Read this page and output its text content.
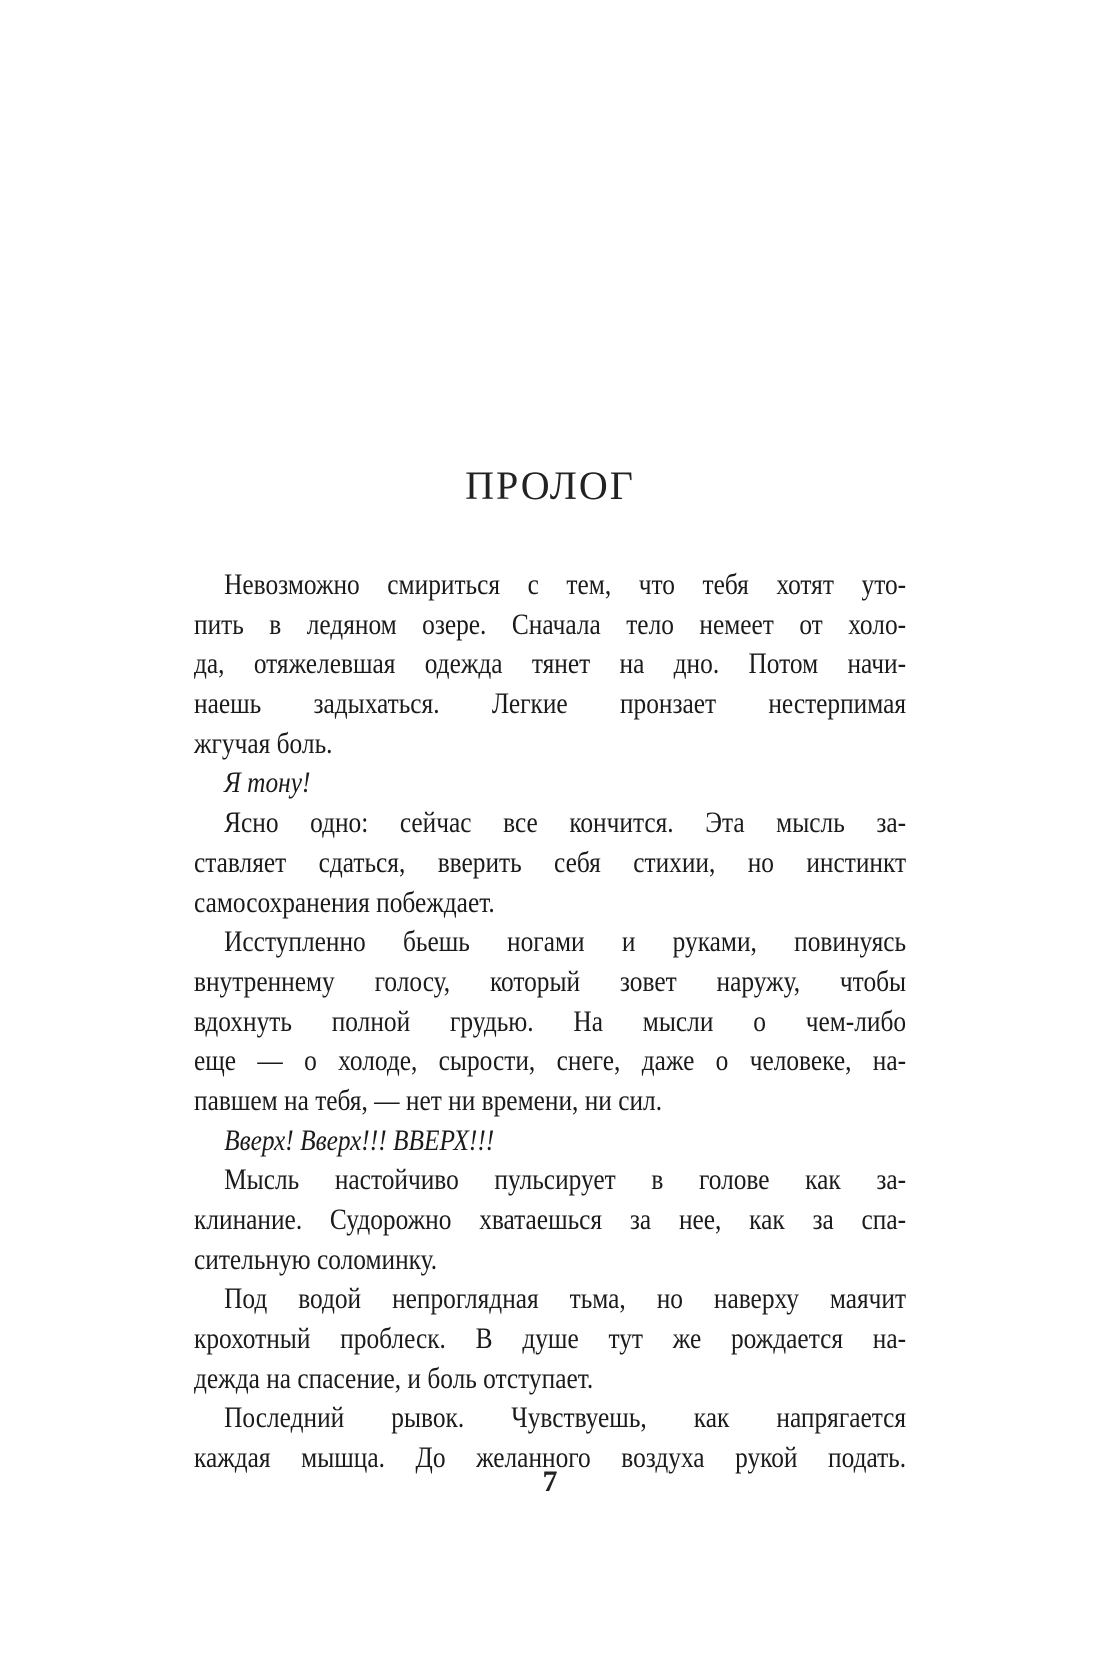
ПРОЛОГ
Невозможно смириться с тем, что тебя хотят уто-
пить в ледяном озере. Сначала тело немеет от холо-
да, отяжелевшая одежда тянет на дно. Потом начи-
наешь задыхаться. Легкие пронзает нестерпимая
жгучая боль.
Я тону!
Ясно одно: сейчас все кончится. Эта мысль за-
ставляет сдаться, вверить себя стихии, но инстинкт
самосохранения побеждает.
Исступленно бьешь ногами и руками, повинуясь
внутреннему голосу, который зовет наружу, чтобы
вдохнуть полной грудью. На мысли о чем-либо
еще — о холоде, сырости, снеге, даже о человеке, на-
павшем на тебя, — нет ни времени, ни сил.
Вверх! Вверх!!! ВВЕРХ!!!
Мысль настойчиво пульсирует в голове как за-
клинание. Судорожно хватаешься за нее, как за спа-
сительную соломинку.
Под водой непроглядная тьма, но наверху маячит
крохотный проблеск. В душе тут же рождается на-
дежда на спасение, и боль отступает.
Последний рывок. Чувствуешь, как напрягается
каждая мышца. До желанного воздуха рукой подать.
7
